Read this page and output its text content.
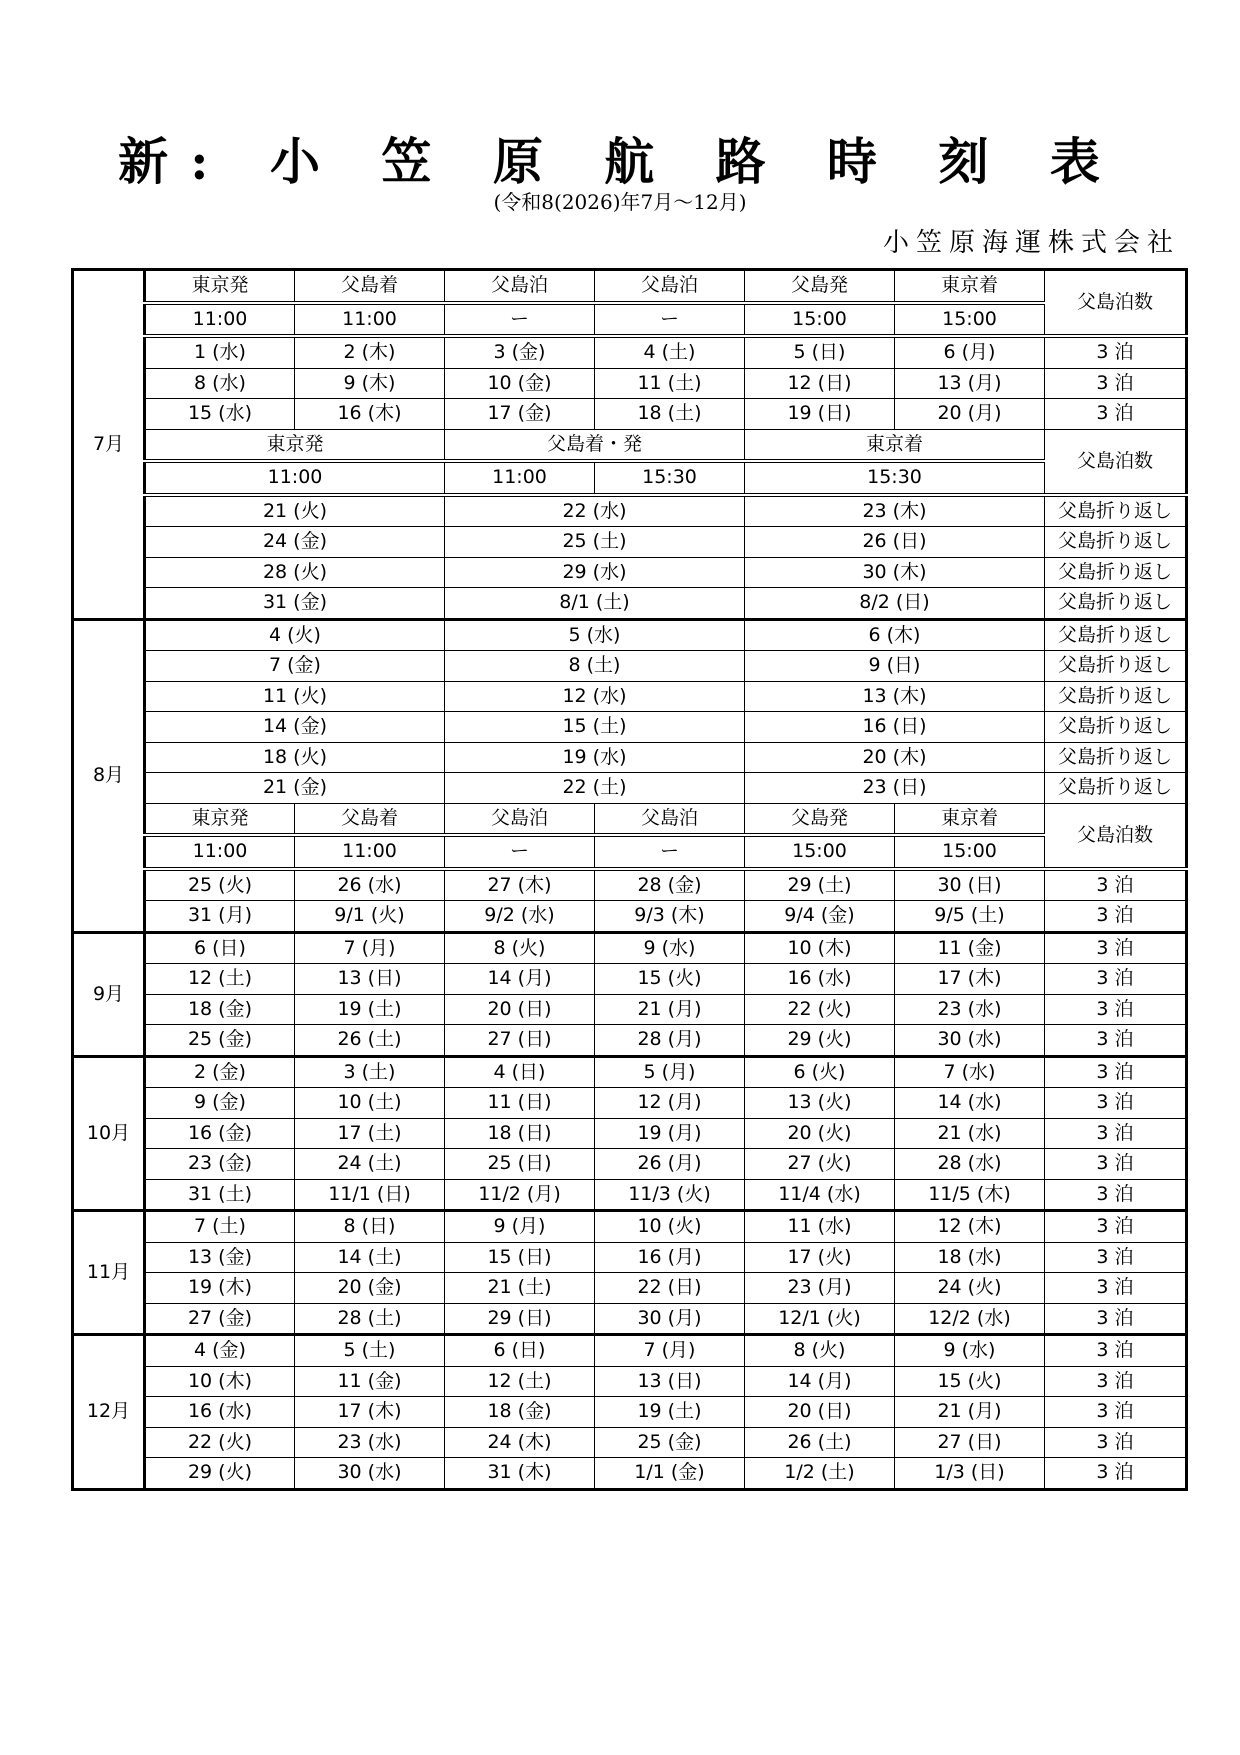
新: 小 笠 原 航 路 時 刻 表
(令和8(2026)年7月～12月)
小笠原海運株式会社
7月	東京発	父島着	父島泊	父島泊	父島発	東京着	父島泊数
	11:00	11:00	ー	ー	15:00	15:00	
	1 (水)	2 (木)	3 (金)	4 (土)	5 (日)	6 (月)	3 泊
	8 (水)	9 (木)	10 (金)	11 (土)	12 (日)	13 (月)	3 泊
	15 (水)	16 (木)	17 (金)	18 (土)	19 (日)	20 (月)	3 泊
	東京発		父島着・発		東京着		父島泊数
	11:00		11:00	15:30	15:30		
	21 (火)		22 (水)		23 (木)		父島折り返し
	24 (金)		25 (土)		26 (日)		父島折り返し
	28 (火)		29 (水)		30 (木)		父島折り返し
	31 (金)		8/1 (土)		8/2 (日)		父島折り返し
8月	4 (火)		5 (水)		6 (木)		父島折り返し
	7 (金)		8 (土)		9 (日)		父島折り返し
	11 (火)		12 (水)		13 (木)		父島折り返し
	14 (金)		15 (土)		16 (日)		父島折り返し
	18 (火)		19 (水)		20 (木)		父島折り返し
	21 (金)		22 (土)		23 (日)		父島折り返し
	東京発	父島着	父島泊	父島泊	父島発	東京着	父島泊数
	11:00	11:00	ー	ー	15:00	15:00	
	25 (火)	26 (水)	27 (木)	28 (金)	29 (土)	30 (日)	3 泊
	31 (月)	9/1 (火)	9/2 (水)	9/3 (木)	9/4 (金)	9/5 (土)	3 泊
9月	6 (日)	7 (月)	8 (火)	9 (水)	10 (木)	11 (金)	3 泊
	12 (土)	13 (日)	14 (月)	15 (火)	16 (水)	17 (木)	3 泊
	18 (金)	19 (土)	20 (日)	21 (月)	22 (火)	23 (水)	3 泊
	25 (金)	26 (土)	27 (日)	28 (月)	29 (火)	30 (水)	3 泊
10月	2 (金)	3 (土)	4 (日)	5 (月)	6 (火)	7 (水)	3 泊
	9 (金)	10 (土)	11 (日)	12 (月)	13 (火)	14 (水)	3 泊
	16 (金)	17 (土)	18 (日)	19 (月)	20 (火)	21 (水)	3 泊
	23 (金)	24 (土)	25 (日)	26 (月)	27 (火)	28 (水)	3 泊
	31 (土)	11/1 (日)	11/2 (月)	11/3 (火)	11/4 (水)	11/5 (木)	3 泊
11月	7 (土)	8 (日)	9 (月)	10 (火)	11 (水)	12 (木)	3 泊
	13 (金)	14 (土)	15 (日)	16 (月)	17 (火)	18 (水)	3 泊
	19 (木)	20 (金)	21 (土)	22 (日)	23 (月)	24 (火)	3 泊
	27 (金)	28 (土)	29 (日)	30 (月)	12/1 (火)	12/2 (水)	3 泊
12月	4 (金)	5 (土)	6 (日)	7 (月)	8 (火)	9 (水)	3 泊
	10 (木)	11 (金)	12 (土)	13 (日)	14 (月)	15 (火)	3 泊
	16 (水)	17 (木)	18 (金)	19 (土)	20 (日)	21 (月)	3 泊
	22 (火)	23 (水)	24 (木)	25 (金)	26 (土)	27 (日)	3 泊
	29 (火)	30 (水)	31 (木)	1/1 (金)	1/2 (土)	1/3 (日)	3 泊
